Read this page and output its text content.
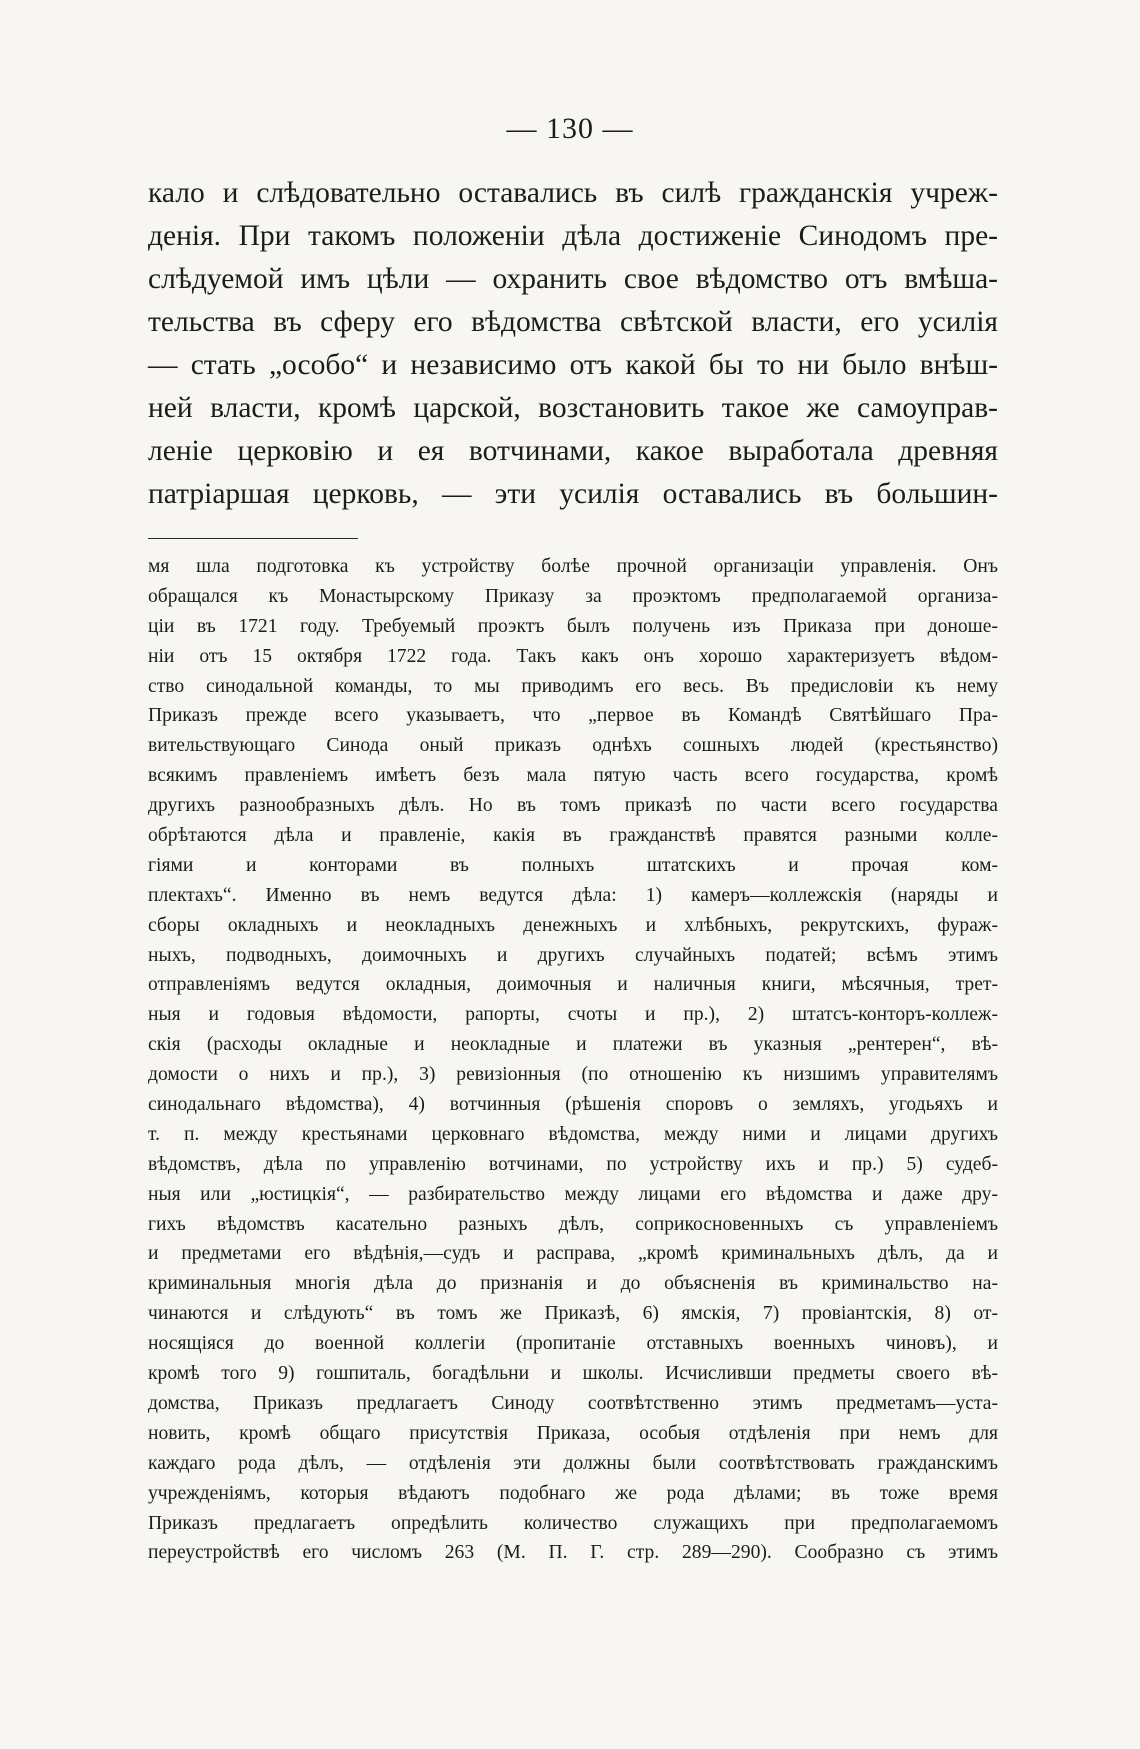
— 130 —
кало и слѣдовательно оставались въ силѣ гражданскія учреж-
денія. При такомъ положеніи дѣла достиженіе Синодомъ пре-
слѣдуемой имъ цѣли — охранить свое вѣдомство отъ вмѣша-
тельства въ сферу его вѣдомства свѣтской власти, его усилія
— стать „особо“ и независимо отъ какой бы то ни было внѣш-
ней власти, кромѣ царской, возстановить такое же самоуправ-
леніе церковію и ея вотчинами, какое выработала древняя
патріаршая церковь, — эти усилія оставались въ большин-
мя шла подготовка къ устройству болѣе прочной организаціи управленія. Онъ
обращался къ Монастырскому Приказу за проэктомъ предполагаемой организа-
ціи въ 1721 году. Требуемый проэктъ былъ получень изъ Приказа при доноше-
ніи отъ 15 октября 1722 года. Такъ какъ онъ хорошо характеризуетъ вѣдом-
ство синодальной команды, то мы приводимъ его весь. Въ предисловіи къ нему
Приказъ прежде всего указываетъ, что „первое въ Командѣ Святѣйшаго Пра-
вительствующаго Синода оный приказъ однѣхъ сошныхъ людей (крестьянство)
всякимъ правленіемъ имѣетъ безъ мала пятую часть всего государства, кромѣ
другихъ разнообразныхъ дѣлъ. Но въ томъ приказѣ по части всего государства
обрѣтаются дѣла и правленіе, какія въ гражданствѣ правятся разными колле-
гіями и конторами въ полныхъ штатскихъ и прочая ком-
плектахъ“. Именно въ немъ ведутся дѣла: 1) камеръ—коллежскія (наряды и
сборы окладныхъ и неокладныхъ денежныхъ и хлѣбныхъ, рекрутскихъ, фураж-
ныхъ, подводныхъ, доимочныхъ и другихъ случайныхъ податей; всѣмъ этимъ
отправленіямъ ведутся окладныя, доимочныя и наличныя книги, мѣсячныя, трет-
ныя и годовыя вѣдомости, рапорты, счоты и пр.), 2) штатсъ-конторъ-коллеж-
скія (расходы окладные и неокладные и платежи въ указныя „рентерен“, вѣ-
домости о нихъ и пр.), 3) ревизіонныя (по отношенію къ низшимъ управителямъ
синодальнаго вѣдомства), 4) вотчинныя (рѣшенія споровъ о земляхъ, угодьяхъ и
т. п. между крестьянами церковнаго вѣдомства, между ними и лицами другихъ
вѣдомствъ, дѣла по управленію вотчинами, по устройству ихъ и пр.) 5) судеб-
ныя или „юстицкія“, — разбирательство между лицами его вѣдомства и даже дру-
гихъ вѣдомствъ касательно разныхъ дѣлъ, соприкосновенныхъ съ управленіемъ
и предметами его вѣдѣнія,—судъ и расправа, „кромѣ криминальныхъ дѣлъ, да и
криминальныя многія дѣла до признанія и до объясненія въ криминальство на-
чинаются и слѣдують“ въ томъ же Приказѣ, 6) ямскія, 7) провіантскія, 8) от-
носящіяся до военной коллегіи (пропитаніе отставныхъ военныхъ чиновъ), и
кромѣ того 9) гошпиталь, богадѣльни и школы. Исчисливши предметы своего вѣ-
домства, Приказъ предлагаетъ Синоду соотвѣтственно этимъ предметамъ—уста-
новить, кромѣ общаго присутствія Приказа, особыя отдѣленія при немъ для
каждаго рода дѣлъ, — отдѣленія эти должны были соотвѣтствовать гражданскимъ
учрежденіямъ, которыя вѣдаютъ подобнаго же рода дѣлами; въ тоже время
Приказъ предлагаетъ опредѣлить количество служащихъ при предполагаемомъ
переустройствѣ его числомъ 263 (М. П. Г. стр. 289—290). Сообразно съ этимъ
